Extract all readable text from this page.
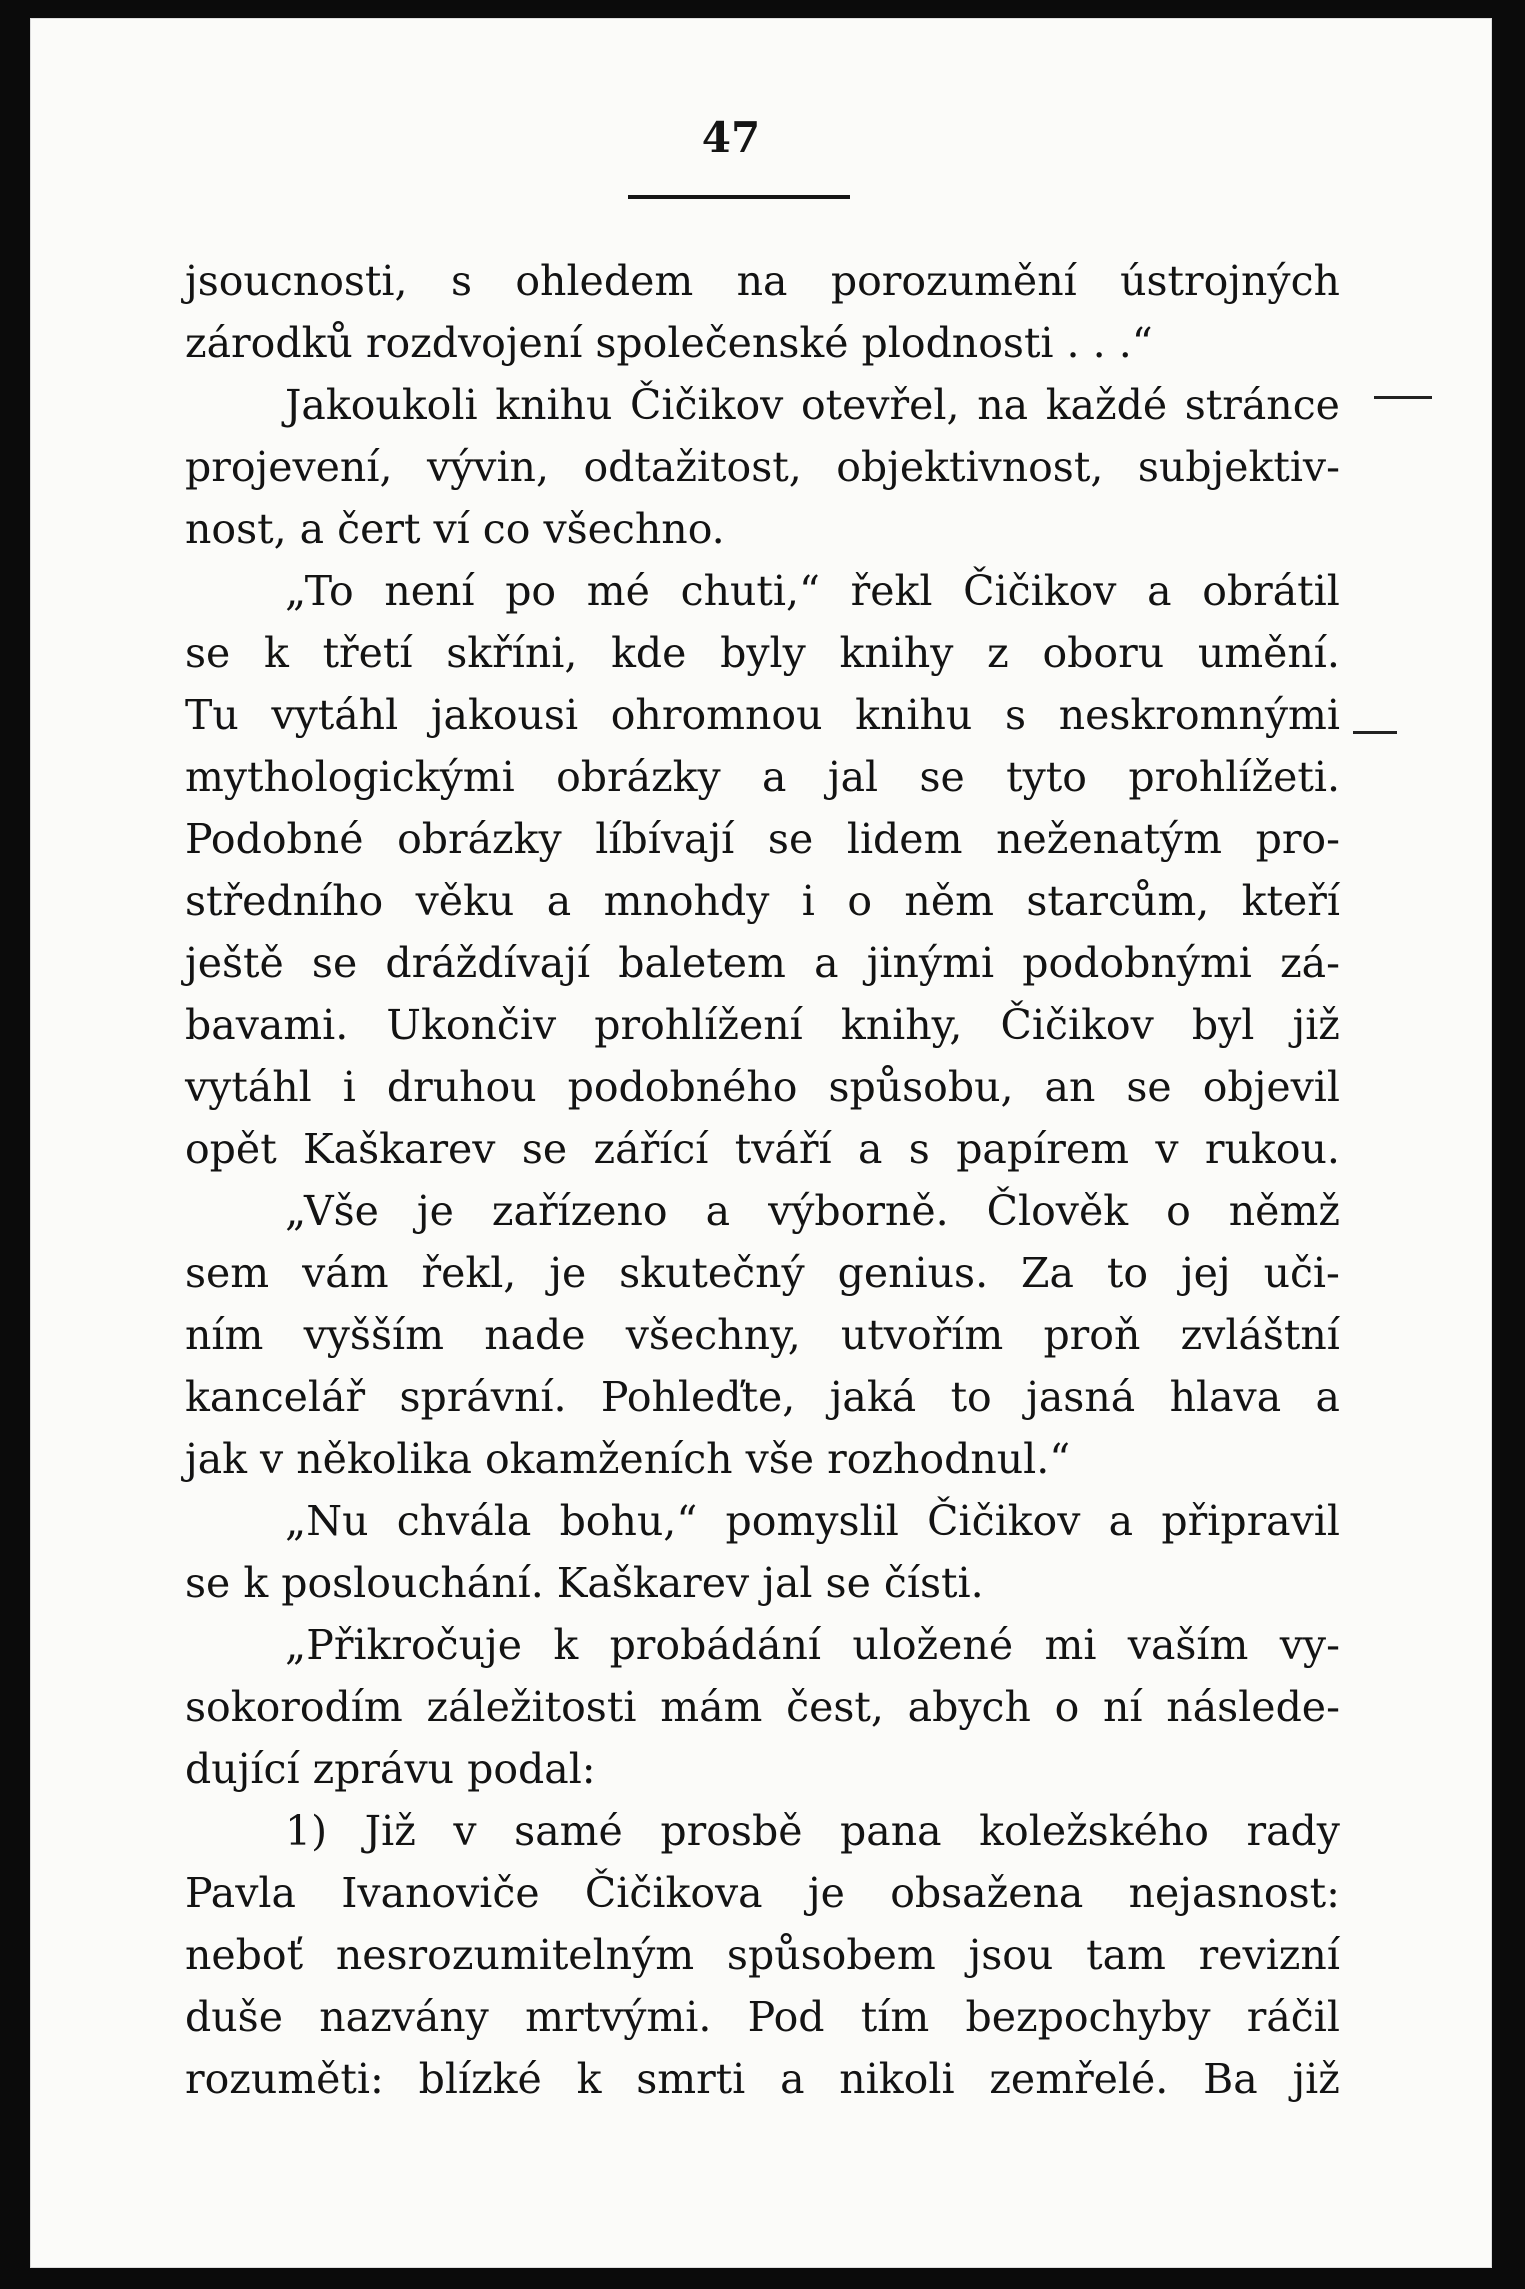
47
jsoucnosti, s ohledem na porozumění ústrojných
zárodků rozdvojení společenské plodnosti . . .“
Jakoukoli knihu Čičikov otevřel, na každé stránce
projevení, vývin, odtažitost, objektivnost, subjektiv-
nost, a čert ví co všechno.
„To není po mé chuti,“ řekl Čičikov a obrátil
se k třetí skříni, kde byly knihy z oboru umění.
Tu vytáhl jakousi ohromnou knihu s neskromnými
mythologickými obrázky a jal se tyto prohlížeti.
Podobné obrázky líbívají se lidem neženatým pro-
středního věku a mnohdy i o něm starcům, kteří
ještě se dráždívají baletem a jinými podobnými zá-
bavami. Ukončiv prohlížení knihy, Čičikov byl již
vytáhl i druhou podobného spůsobu, an se objevil
opět Kaškarev se zářící tváří a s papírem v rukou.
„Vše je zařízeno a výborně. Člověk o němž
sem vám řekl, je skutečný genius. Za to jej uči-
ním vyšším nade všechny, utvořím proň zvláštní
kancelář správní. Pohleďte, jaká to jasná hlava a
jak v několika okamženích vše rozhodnul.“
„Nu chvála bohu,“ pomyslil Čičikov a připravil
se k poslouchání. Kaškarev jal se čísti.
„Přikročuje k probádání uložené mi vaším vy-
sokorodím záležitosti mám čest, abych o ní následe-
dující zprávu podal:
1) Již v samé prosbě pana koležského rady
Pavla Ivanoviče Čičikova je obsažena nejasnost:
neboť nesrozumitelným spůsobem jsou tam revizní
duše nazvány mrtvými. Pod tím bezpochyby ráčil
rozuměti: blízké k smrti a nikoli zemřelé. Ba již
